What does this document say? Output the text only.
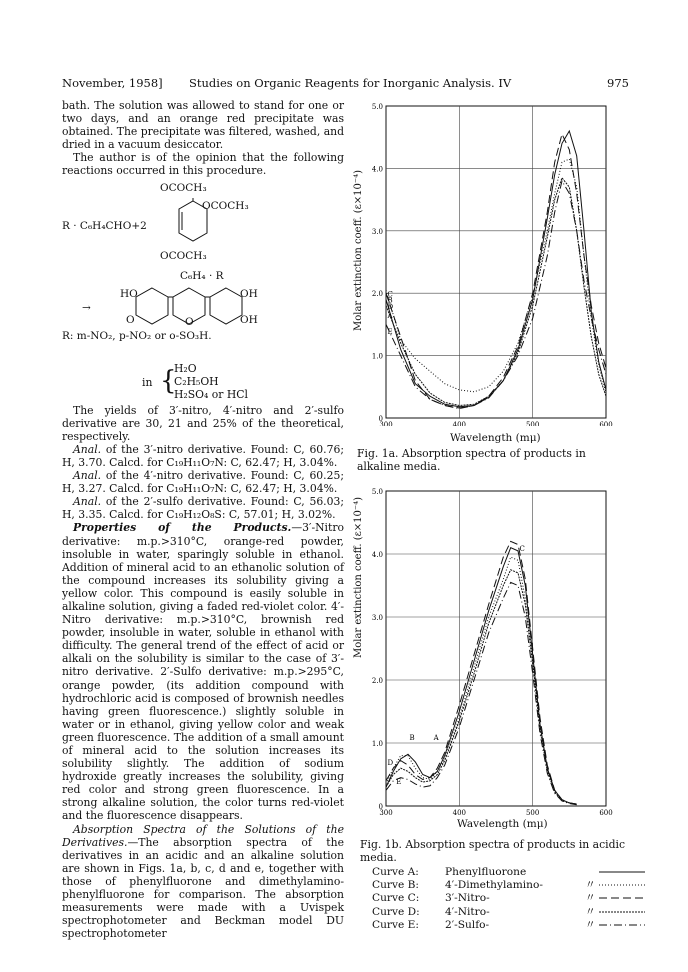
November, 1958] Studies on Organic Reagents for Inorganic Analysis. IV	975

bath. The solution was allowed to stand for one or two days, and an orange red precipitate was obtained. The precipitate was filtered, washed, and dried in a vacuum desiccator.

The author is of the opinion that the following reactions occurred in this procedure.

OCOCH₃
OCOCH₃
R · C₆H₄CHO+2
OCOCH₃
C₆H₄ · R
HO	OH
→
O	O	OH
R: m-NO₂, p-NO₂ or o-SO₃H.
in {
H₂O
C₂H₅OH
H₂SO₄ or HCl

The yields of 3′-nitro, 4′-nitro and 2′-sulfo derivative are 30, 21 and 25% of the theoretical, respectively.

Anal. of the 3′-nitro derivative. Found: C, 60.76; H, 3.70. Calcd. for C₁₉H₁₁O₇N: C, 62.47; H, 3.04%.

Anal. of the 4′-nitro derivative. Found: C, 60.25; H, 3.27. Calcd. for C₁₉H₁₁O₇N: C, 62.47; H, 3.04%.

Anal. of the 2′-sulfo derivative. Found: C, 56.03; H, 3.35. Calcd. for C₁₉H₁₂O₈S: C, 57.01; H, 3.02%.

Properties of the Products.—3′-Nitro derivative: m.p.>310°C, orange-red powder, insoluble in water, sparingly soluble in ethanol. Addition of mineral acid to an ethanolic solution of the compound increases its solubility giving a yellow color. This compound is easily soluble in alkaline solution, giving a faded red-violet color. 4′-Nitro derivative: m.p.>310°C, brownish red powder, insoluble in water, soluble in ethanol with difficulty. The general trend of the effect of acid or alkali on the solubility is similar to the case of 3′-nitro derivative. 2′-Sulfo derivative: m.p.>295°C, orange powder, (its addition compound with hydrochloric acid is composed of brownish needles having green fluorescence.) slightly soluble in water or in ethanol, giving yellow color and weak green fluorescence. The addition of a small amount of mineral acid to the solution increases its solubility slightly. The addition of sodium hydroxide greatly increases the solubility, giving red color and strong green fluorescence. In a strong alkaline solution, the color turns red-violet and the fluorescence disappears.

Absorption Spectra of the Solutions of the Derivatives.—The absorption spectra of the derivatives in an acidic and an alkaline solution are shown in Figs. 1a, b, c, d and e, together with those of phenylfluorone and dimethylamino-phenylfluorone for comparison. The absorption measurements were made with a Uvispek spectrophotometer and Beckman model DU spectrophotometer

0
1.0
2.0
3.0
4.0
5.0
300	400	500	600
E
D
C
B
A
Molar extinction coeff. (ε×10⁻⁴)
Wavelength (mμ)
Fig. 1a. Absorption spectra of products in alkaline media.
0
1.0
2.0
3.0
4.0
5.0
300	400	500	600
C
B	A
D
E
Molar extinction coeff. (ε×10⁻⁴)
Wavelength (mμ)
Fig. 1b. Absorption spectra of products in acidic media.
Curve A:	Phenylfluorone
Curve B:	4′-Dimethylamino-	〃
Curve C:	3′-Nitro-	〃
Curve D:	4′-Nitro-	〃
Curve E:	2′-Sulfo-	〃
